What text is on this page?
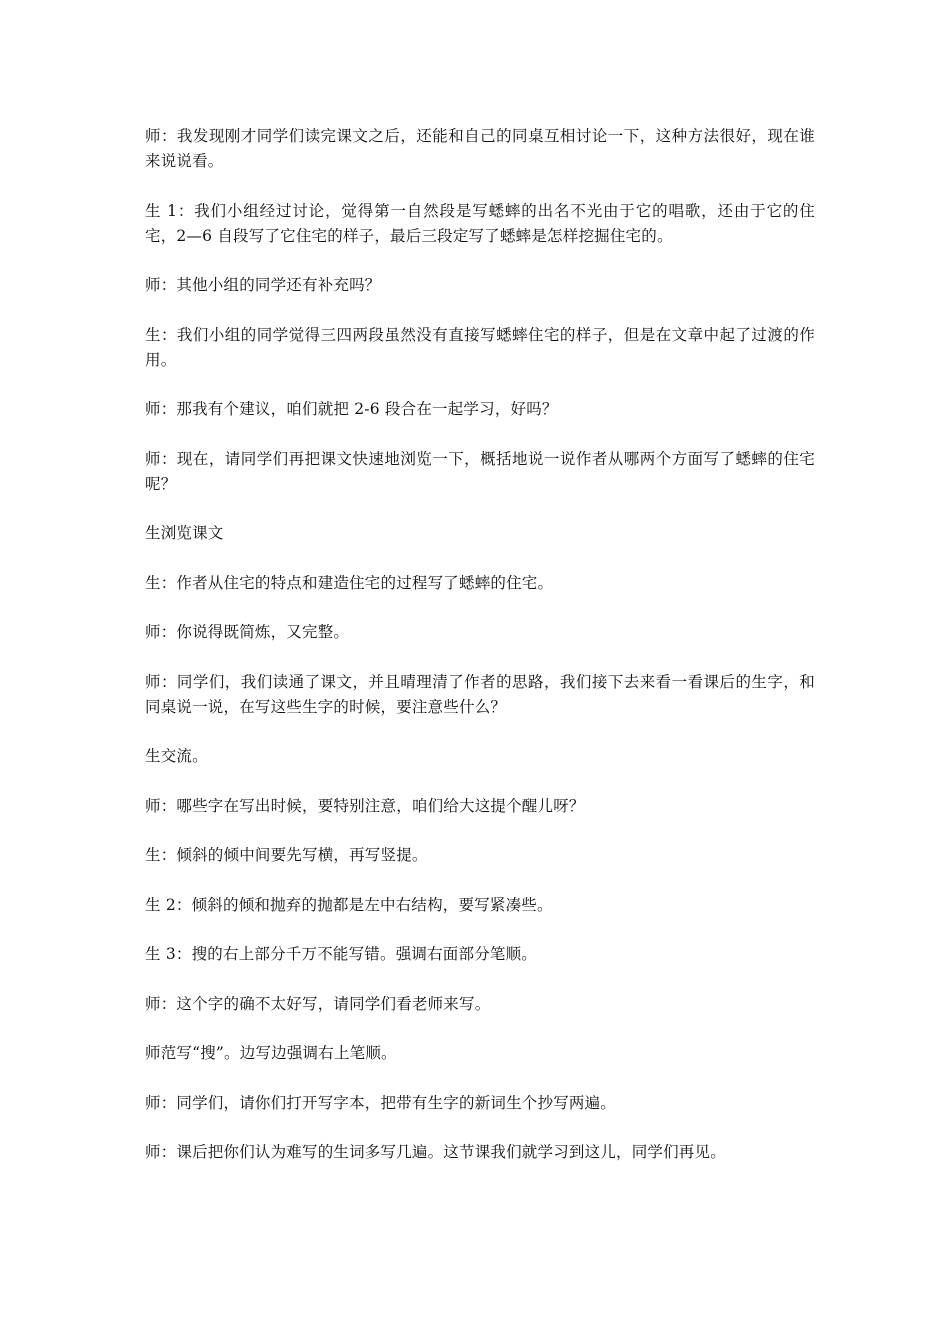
师：我发现刚才同学们读完课文之后，还能和自己的同桌互相讨论一下，这种方法很好，现在谁来说说看。

生 1：我们小组经过讨论，觉得第一自然段是写蟋蟀的出名不光由于它的唱歌，还由于它的住宅，2—6 自段写了它住宅的样子，最后三段定写了蟋蟀是怎样挖掘住宅的。

师：其他小组的同学还有补充吗？

生：我们小组的同学觉得三四两段虽然没有直接写蟋蟀住宅的样子，但是在文章中起了过渡的作用。

师：那我有个建议，咱们就把 2-6 段合在一起学习，好吗？

师：现在，请同学们再把课文快速地浏览一下，概括地说一说作者从哪两个方面写了蟋蟀的住宅呢？

生浏览课文

生：作者从住宅的特点和建造住宅的过程写了蟋蟀的住宅。

师：你说得既简炼，又完整。

师：同学们，我们读通了课文，并且晴理清了作者的思路，我们接下去来看一看课后的生字，和同桌说一说，在写这些生字的时候，要注意些什么？

生交流。

师：哪些字在写出时候，要特别注意，咱们给大这提个醒儿呀？

生：倾斜的倾中间要先写横，再写竖提。

生 2：倾斜的倾和抛弃的抛都是左中右结构，要写紧凑些。

生 3：搜的右上部分千万不能写错。强调右面部分笔顺。

师：这个字的确不太好写，请同学们看老师来写。

师范写“搜”。边写边强调右上笔顺。

师：同学们，请你们打开写字本，把带有生字的新词生个抄写两遍。

师：课后把你们认为难写的生词多写几遍。这节课我们就学习到这儿，同学们再见。
